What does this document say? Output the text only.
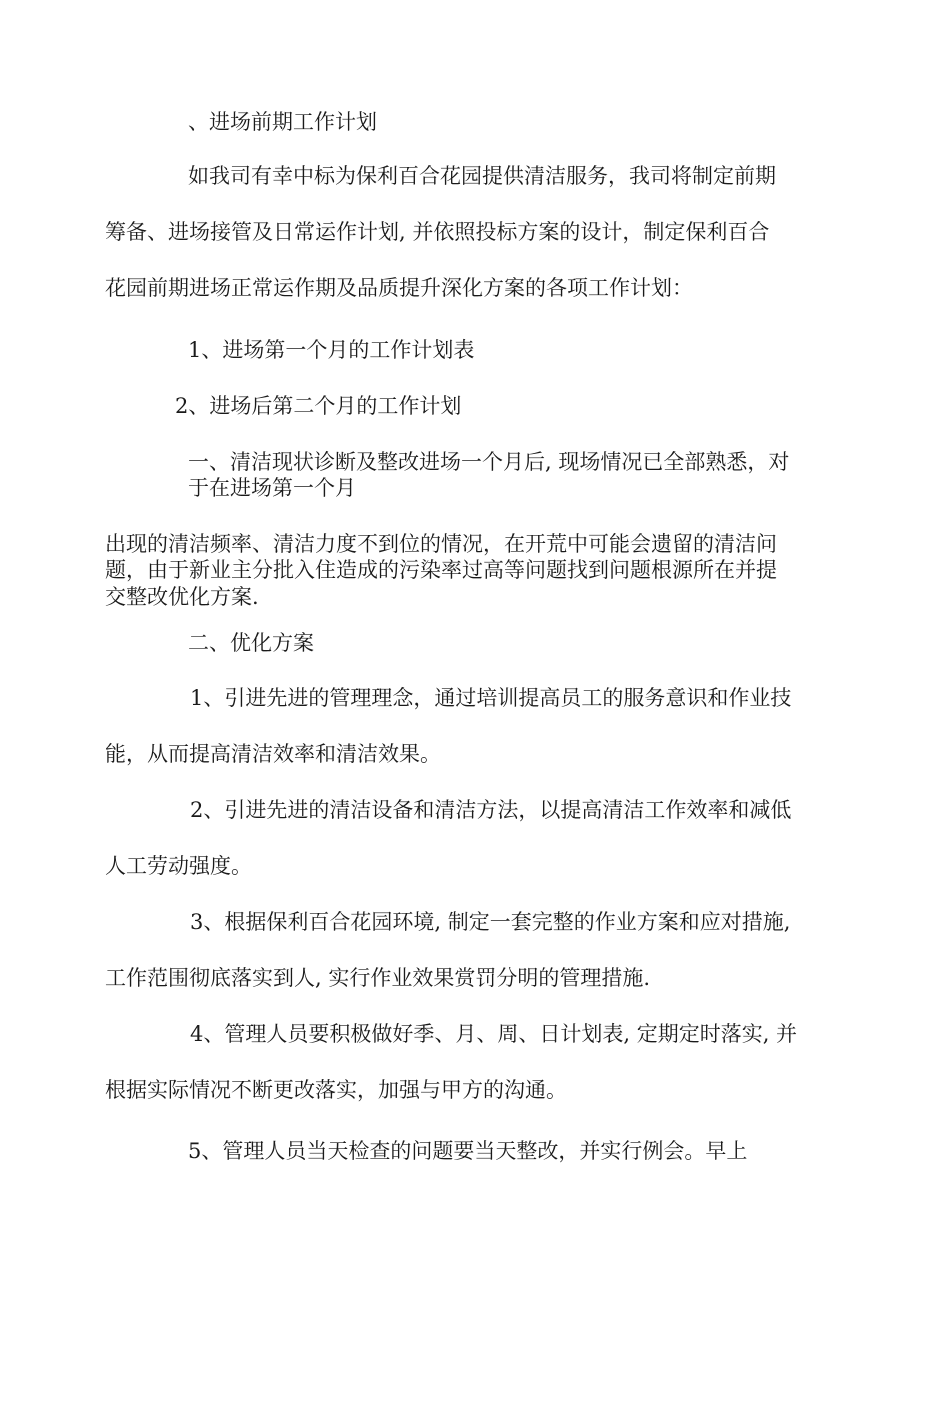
、进场前期工作计划
如我司有幸中标为保利百合花园提供清洁服务，我司将制定前期
筹备、进场接管及日常运作计划, 并依照投标方案的设计，制定保利百合
花园前期进场正常运作期及品质提升深化方案的各项工作计划：
1、进场第一个月的工作计划表
2、进场后第二个月的工作计划
一、清洁现状诊断及整改进场一个月后, 现场情况已全部熟悉，对
于在进场第一个月
出现的清洁频率、清洁力度不到位的情况，在开荒中可能会遗留的清洁问
题，由于新业主分批入住造成的污染率过高等问题找到问题根源所在并提
交整改优化方案.
二、优化方案
1、引进先进的管理理念，通过培训提高员工的服务意识和作业技
能，从而提高清洁效率和清洁效果。
2、引进先进的清洁设备和清洁方法，以提高清洁工作效率和减低
人工劳动强度。
3、根据保利百合花园环境, 制定一套完整的作业方案和应对措施,
工作范围彻底落实到人, 实行作业效果赏罚分明的管理措施.
4、管理人员要积极做好季、月、周、日计划表, 定期定时落实, 并
根据实际情况不断更改落实，加强与甲方的沟通。
5、管理人员当天检查的问题要当天整改，并实行例会。早上
